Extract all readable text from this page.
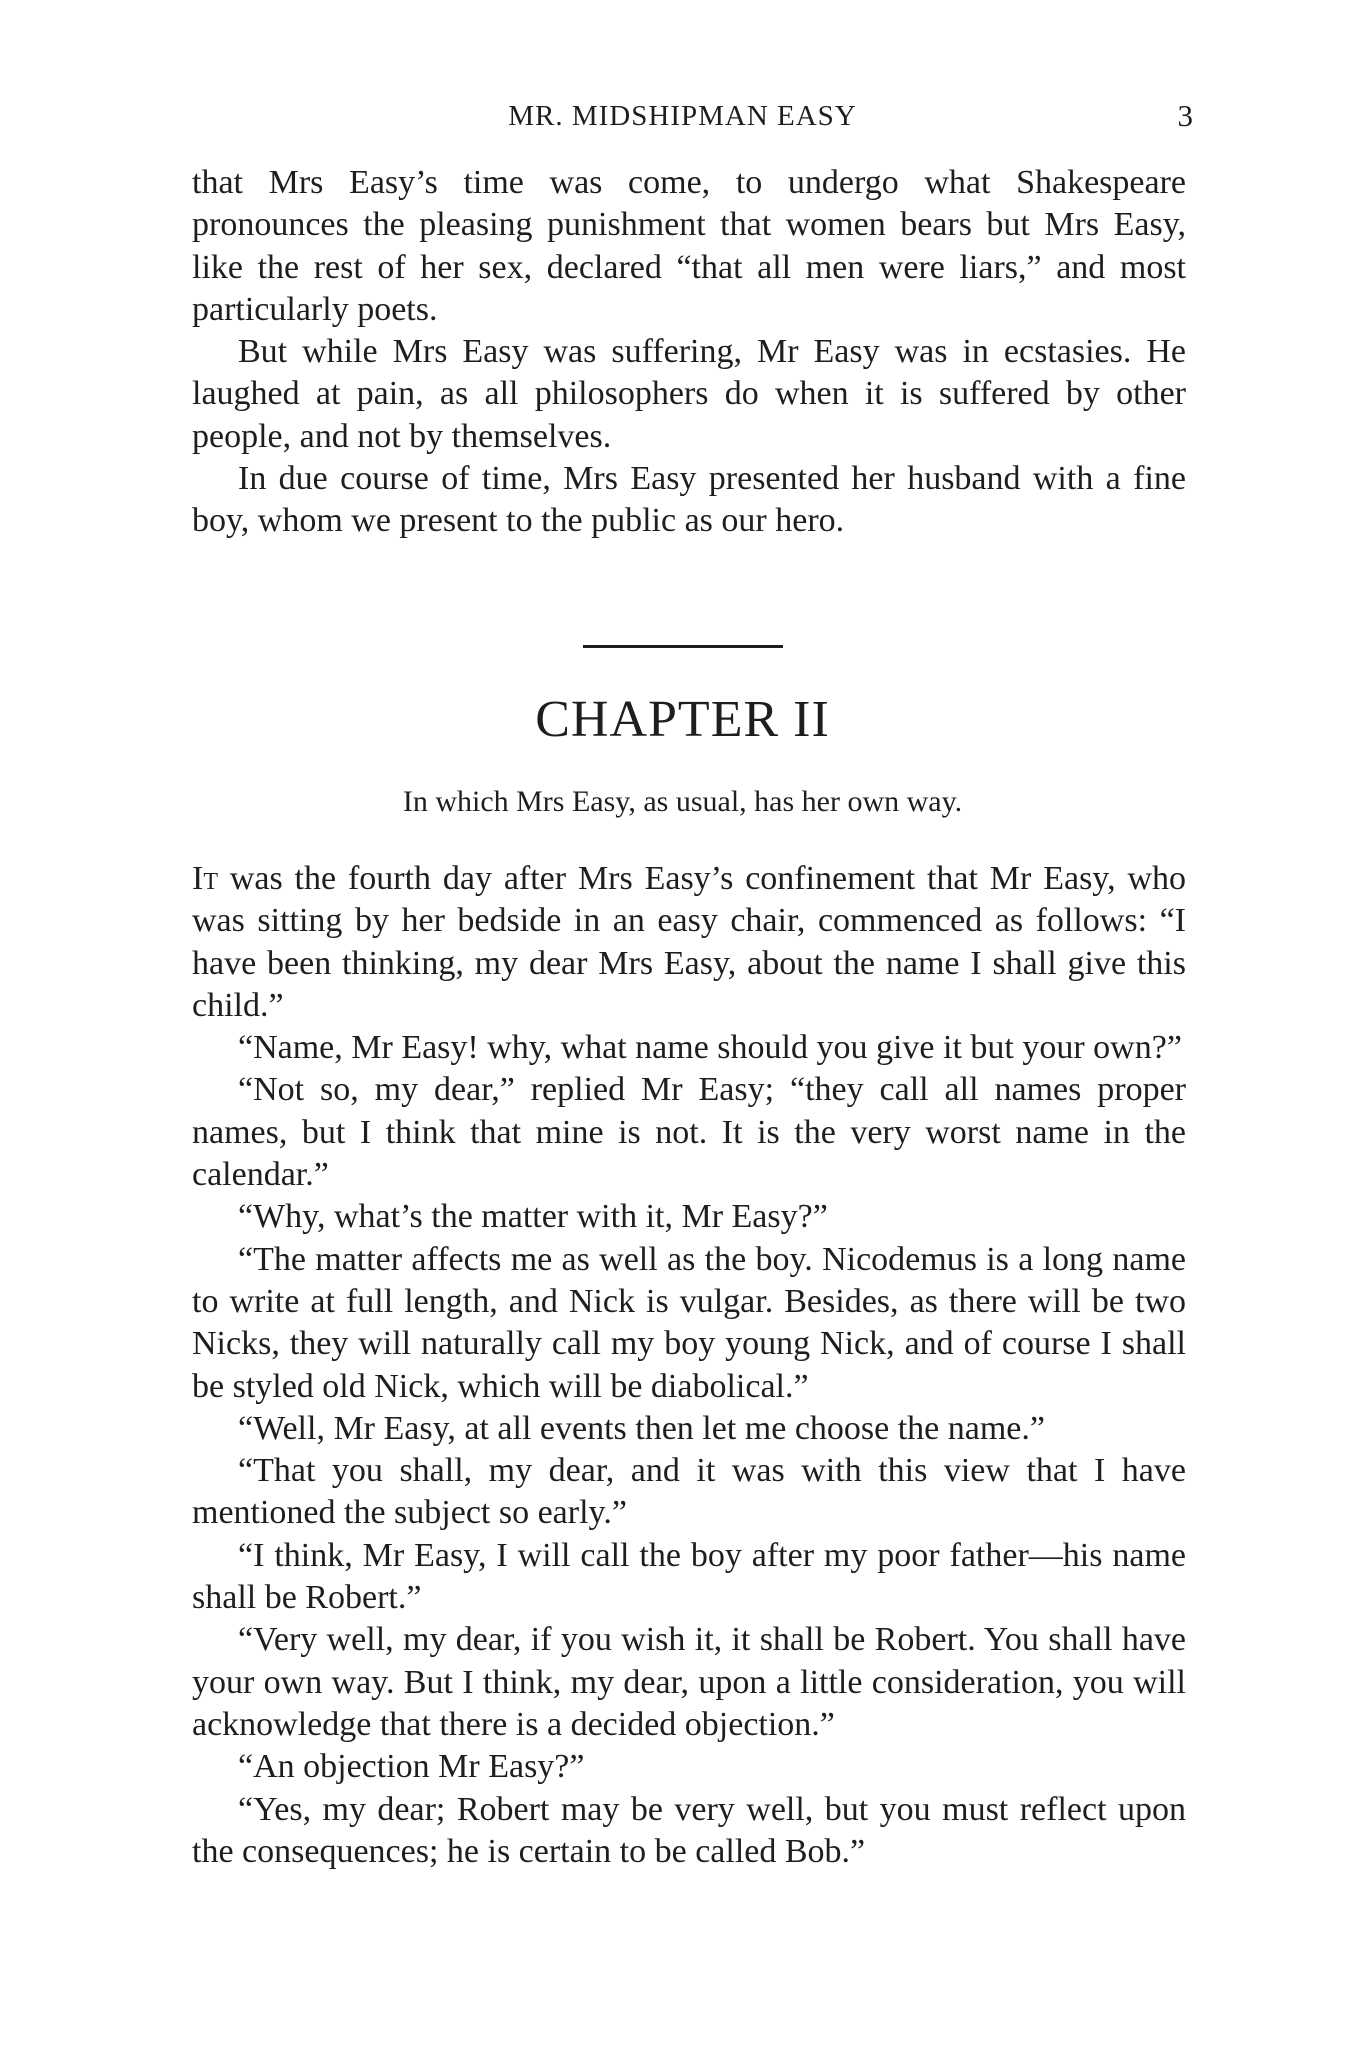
MR. MIDSHIPMAN EASY	3

that Mrs Easy’s time was come, to undergo what Shakespeare pronounces the pleasing punishment that women bears but Mrs Easy, like the rest of her sex, declared “that all men were liars,” and most particularly poets.

But while Mrs Easy was suffering, Mr Easy was in ecstasies. He laughed at pain, as all philosophers do when it is suffered by other people, and not by themselves.

In due course of time, Mrs Easy presented her husband with a fine boy, whom we present to the public as our hero.

CHAPTER II
In which Mrs Easy, as usual, has her own way.

It was the fourth day after Mrs Easy’s confinement that Mr Easy, who was sitting by her bedside in an easy chair, commenced as follows: “I have been thinking, my dear Mrs Easy, about the name I shall give this child.”

“Name, Mr Easy! why, what name should you give it but your own?”

“Not so, my dear,” replied Mr Easy; “they call all names proper names, but I think that mine is not. It is the very worst name in the calendar.”

“Why, what’s the matter with it, Mr Easy?”

“The matter affects me as well as the boy. Nicodemus is a long name to write at full length, and Nick is vulgar. Besides, as there will be two Nicks, they will naturally call my boy young Nick, and of course I shall be styled old Nick, which will be diabolical.”

“Well, Mr Easy, at all events then let me choose the name.”

“That you shall, my dear, and it was with this view that I have mentioned the subject so early.”

“I think, Mr Easy, I will call the boy after my poor father—his name shall be Robert.”

“Very well, my dear, if you wish it, it shall be Robert. You shall have your own way. But I think, my dear, upon a little consideration, you will acknowledge that there is a decided objection.”

“An objection Mr Easy?”

“Yes, my dear; Robert may be very well, but you must reflect upon the consequences; he is certain to be called Bob.”
